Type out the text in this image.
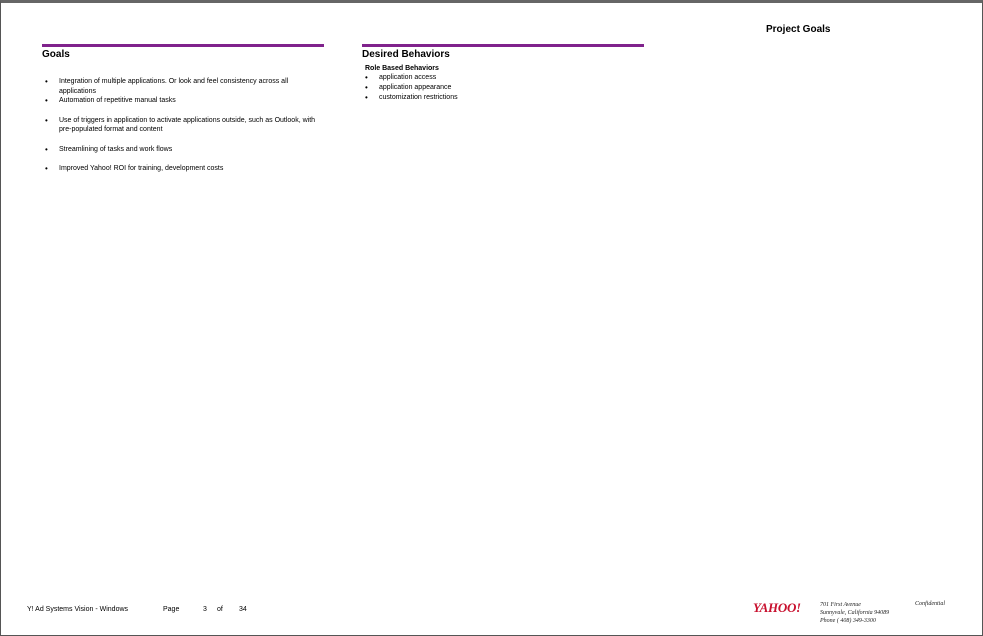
Project Goals
Goals
• Integration of multiple applications. Or look and feel consistency across all applications
• Automation of repetitive manual tasks
• Use of triggers in application to activate applications outside, such as Outlook, with pre-populated format and content
• Streamlining of tasks and work flows
• Improved Yahoo! ROI for training, development costs
Desired Behaviors
Role Based Behaviors
• application access
• application appearance
• customization restrictions
Y! Ad Systems Vision - Windows	Page	3	of	34	YAHOO!	701 First Avenue
Sunnyvale, California 94089
Phone ( 408) 349-3300
Confidential
